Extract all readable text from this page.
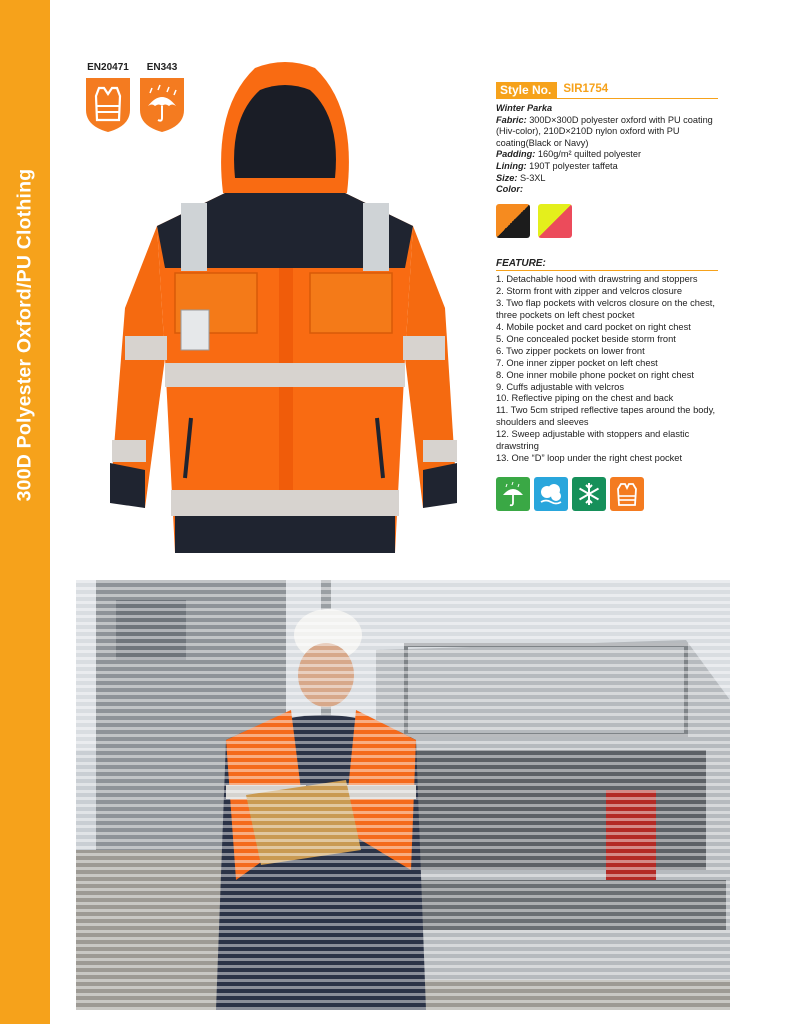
300D Polyester Oxford/PU Clothing
EN20471	EN343
Style No.	SIR1754

Winter Parka

Fabric: 300D×300D polyester oxford with PU coating (Hiv-color), 210D×210D nylon oxford with PU coating(Black or Navy)

Padding: 160g/m² quilted polyester

Lining: 190T polyester taffeta

Size: S-3XL

Color:

FEATURE:

1. Detachable hood with drawstring and stoppers

2. Storm front with zipper and velcros closure

3. Two flap pockets with velcros closure on the chest, three pockets on left chest pocket

4. Mobile pocket and card pocket on right chest

5. One concealed pocket beside storm front

6. Two zipper pockets on lower front

7. One inner zipper pocket on left chest

8. One inner mobile phone pocket on right chest

9. Cuffs adjustable with velcros

10. Reflective piping on the chest and back

11. Two 5cm striped reflective tapes around the body, shoulders and sleeves

12. Sweep adjustable with stoppers and elastic drawstring

13. One “D” loop under the right chest pocket
